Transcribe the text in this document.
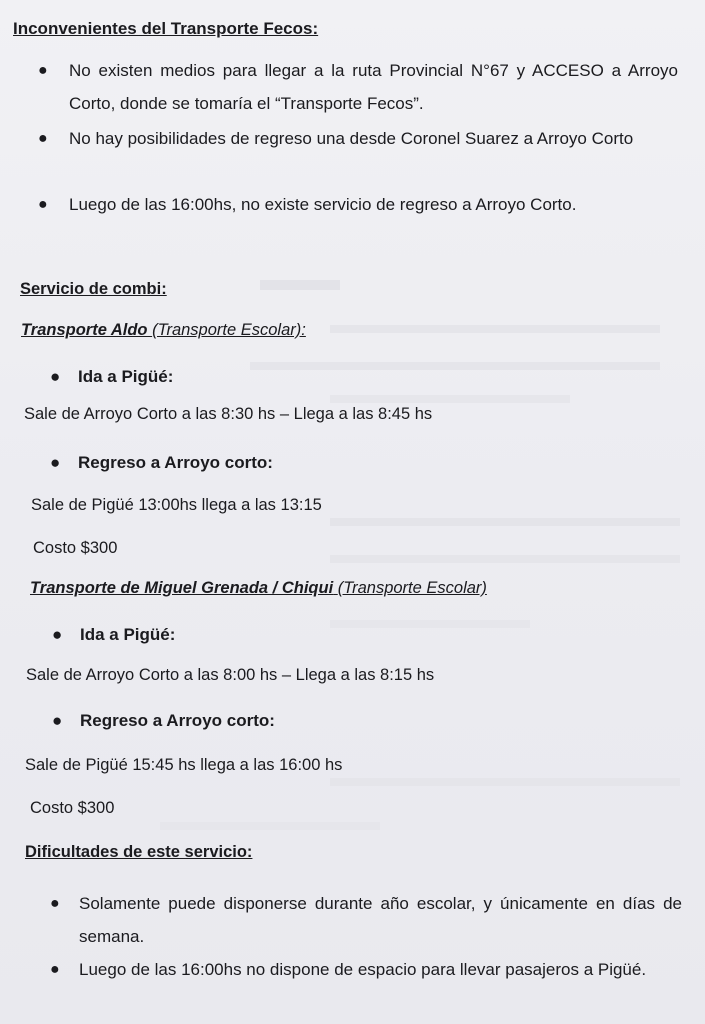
Inconvenientes del Transporte Fecos:
● No existen medios para llegar a la ruta Provincial N°67 y ACCESO a Arroyo Corto, donde se tomaría el “Transporte Fecos”.
● No hay posibilidades de regreso una desde Coronel Suarez a Arroyo Corto
● Luego de las 16:00hs, no existe servicio de regreso a Arroyo Corto.
Servicio de combi:
Transporte Aldo (Transporte Escolar):
● Ida a Pigüé:
Sale de Arroyo Corto a las 8:30 hs – Llega a las 8:45 hs
● Regreso a Arroyo corto:
Sale de Pigüé 13:00hs llega a las 13:15
Costo $300
Transporte de Miguel Grenada / Chiqui (Transporte Escolar)
● Ida a Pigüé:
Sale de Arroyo Corto a las 8:00 hs – Llega a las 8:15 hs
● Regreso a Arroyo corto:
Sale de Pigüé 15:45 hs llega a las 16:00 hs
Costo $300
Dificultades de este servicio:
● Solamente puede disponerse durante año escolar, y únicamente en días de semana.
● Luego de las 16:00hs no dispone de espacio para llevar pasajeros a Pigüé.
